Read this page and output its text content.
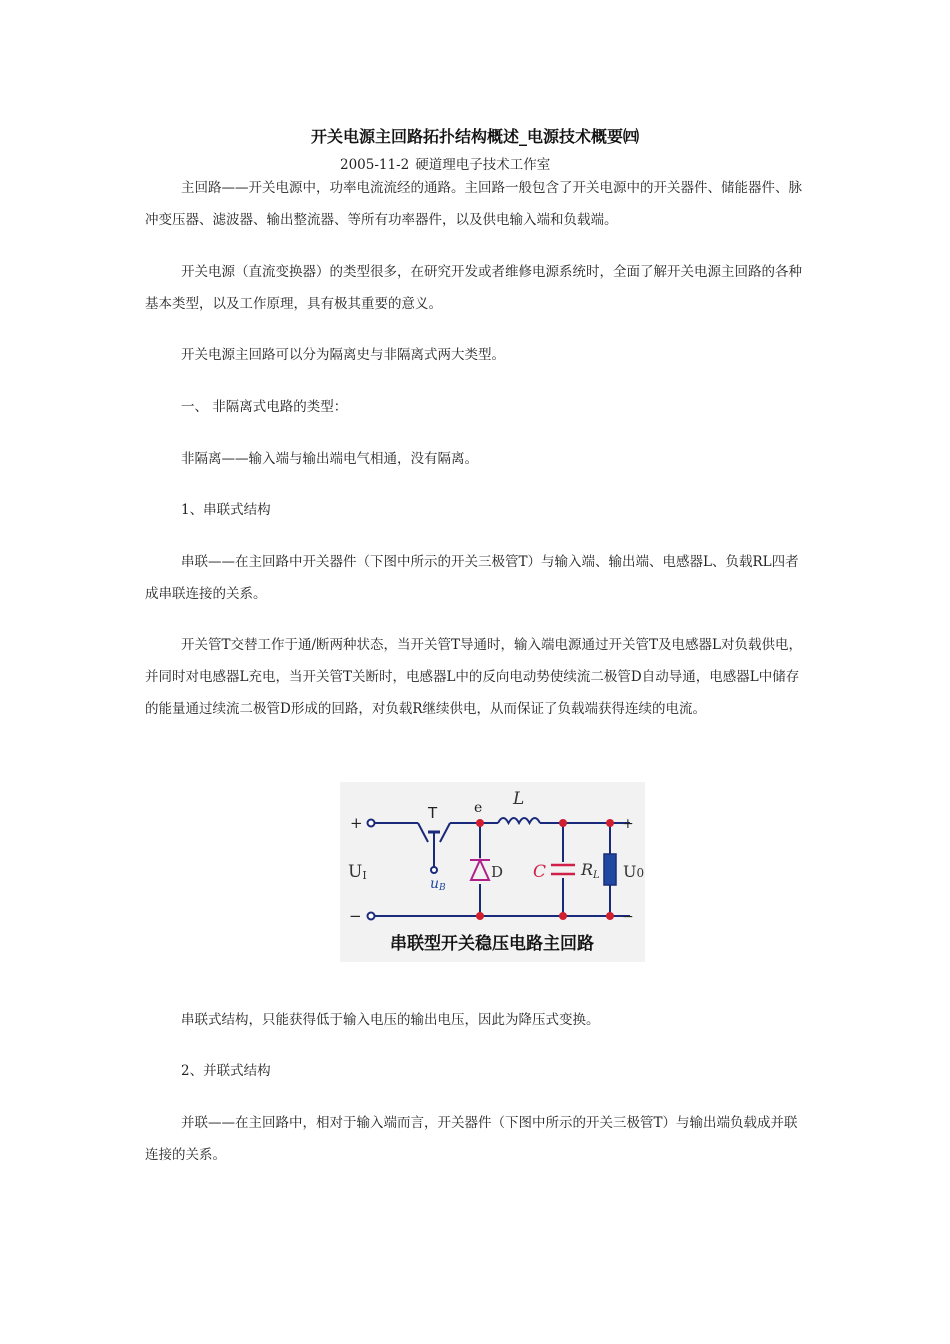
开关电源主回路拓扑结构概述_电源技术概要㈣
2005-11-2 硬道理电子技术工作室

主回路——开关电源中，功率电流流经的通路。主回路一般包含了开关电源中的开关器件、储能器件、脉冲变压器、滤波器、输出整流器、等所有功率器件，以及供电输入端和负载端。

开关电源（直流变换器）的类型很多，在研究开发或者维修电源系统时，全面了解开关电源主回路的各种基本类型，以及工作原理，具有极其重要的意义。

开关电源主回路可以分为隔离史与非隔离式两大类型。

一、 非隔离式电路的类型：

非隔离——输入端与输出端电气相通，没有隔离。

1、串联式结构

串联——在主回路中开关器件（下图中所示的开关三极管T）与输入端、输出端、电感器L、负载RL四者成串联连接的关系。

开关管T交替工作于通/断两种状态，当开关管T导通时，输入端电源通过开关管T及电感器L对负载供电，并同时对电感器L充电，当开关管T关断时，电感器L中的反向电动势使续流二极管D自动导通，电感器L中储存的能量通过续流二极管D形成的回路，对负载R继续供电，从而保证了负载端获得连续的电流。

+
−
UI
T
uB
e L
D C RL U0
+
−
串联型开关稳压电路主回路

串联式结构，只能获得低于输入电压的输出电压，因此为降压式变换。

2、并联式结构

并联——在主回路中，相对于输入端而言，开关器件（下图中所示的开关三极管T）与输出端负载成并联连接的关系。
